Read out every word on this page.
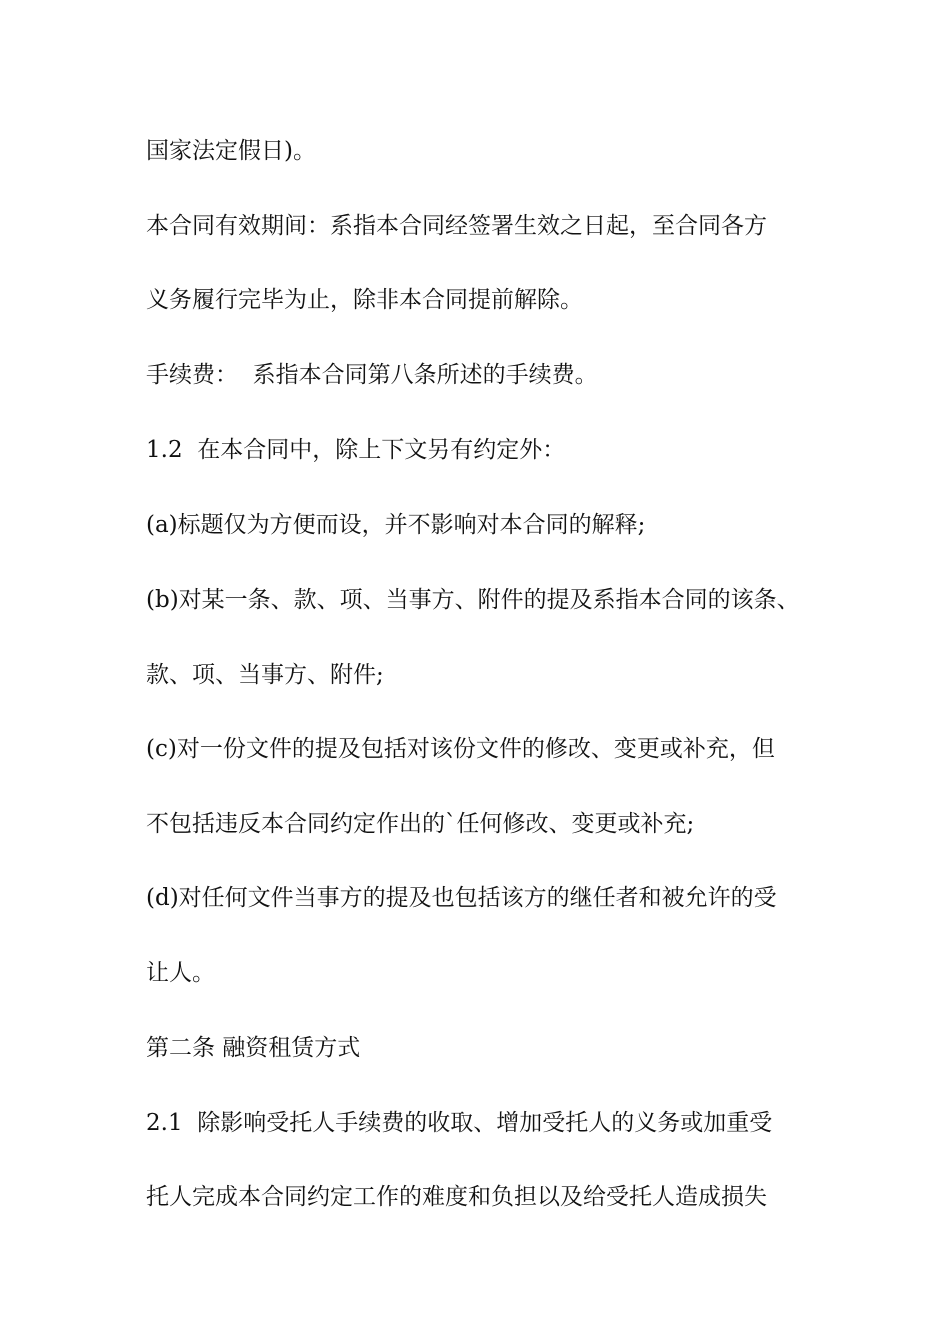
国家法定假日)。
本合同有效期间：系指本合同经签署生效之日起，至合同各方
义务履行完毕为止，除非本合同提前解除。
手续费：  系指本合同第八条所述的手续费。
1.2  在本合同中，除上下文另有约定外：
(a)标题仅为方便而设，并不影响对本合同的解释;
(b)对某一条、款、项、当事方、附件的提及系指本合同的该条、
款、项、当事方、附件;
(c)对一份文件的提及包括对该份文件的修改、变更或补充，但
不包括违反本合同约定作出的`任何修改、变更或补充;
(d)对任何文件当事方的提及也包括该方的继任者和被允许的受
让人。
第二条 融资租赁方式
2.1  除影响受托人手续费的收取、增加受托人的义务或加重受
托人完成本合同约定工作的难度和负担以及给受托人造成损失
